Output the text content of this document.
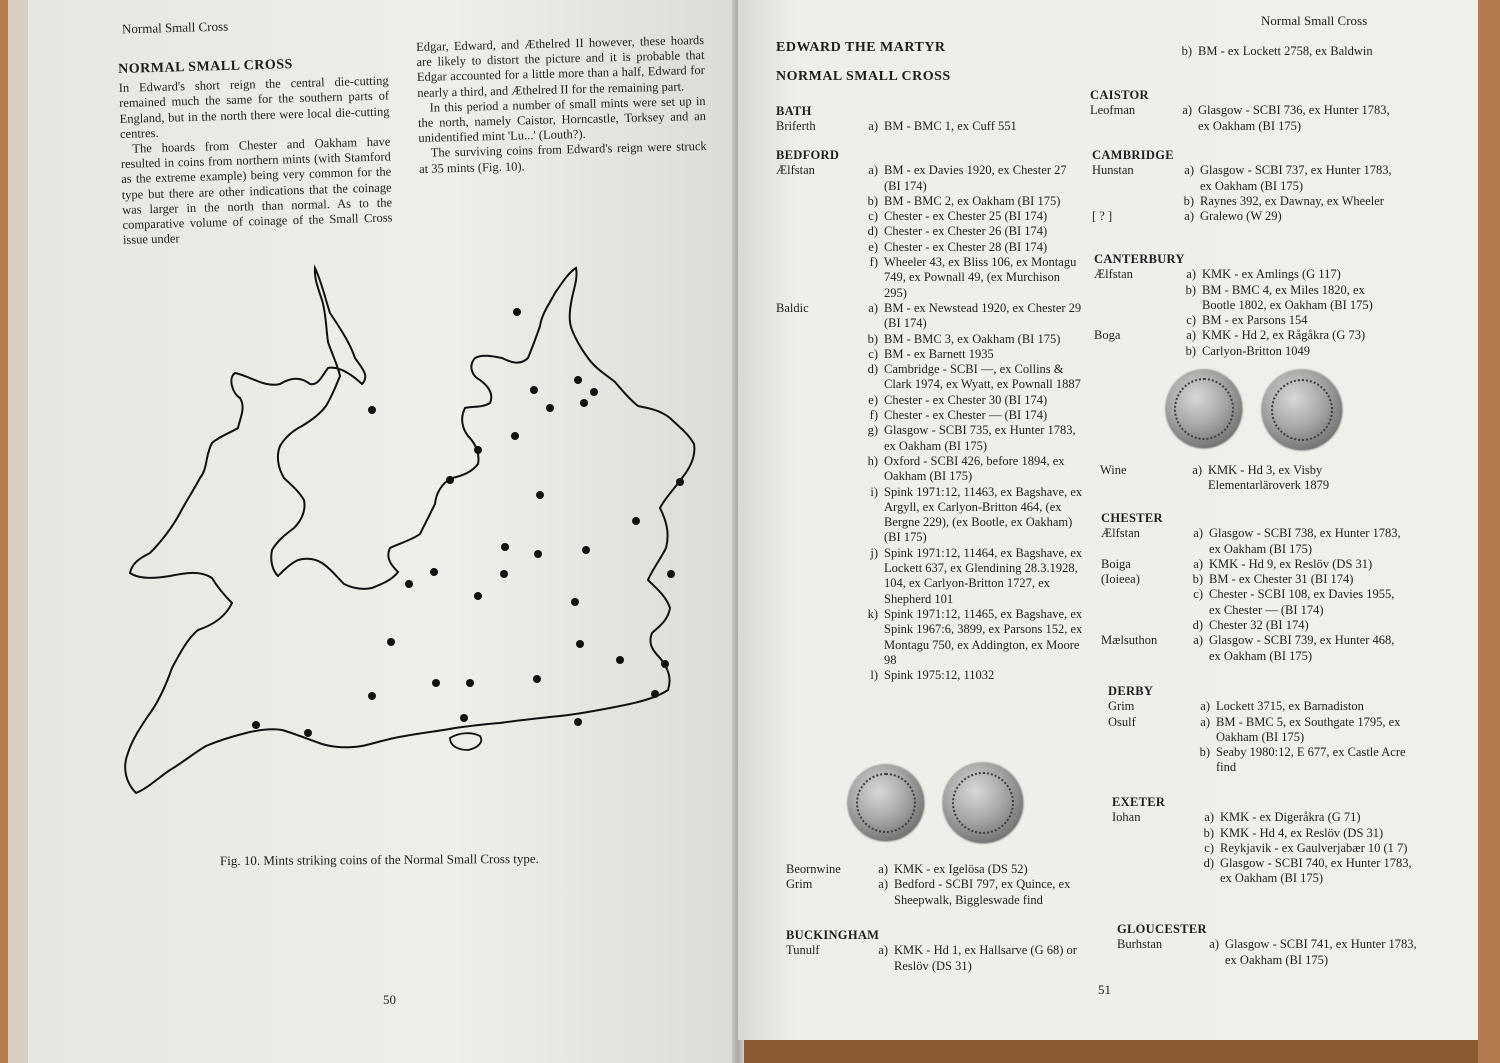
Normal Small Cross
NORMAL SMALL CROSS

In Edward's short reign the central die-cutting remained much the same for the southern parts of England, but in the north there were local die-cutting centres.

The hoards from Chester and Oakham have resulted in coins from northern mints (with Stamford as the extreme example) being very common for the type but there are other indications that the coinage was larger in the north than normal. As to the comparative volume of coinage of the Small Cross issue under

Edgar, Edward, and Æthelred II however, these hoards are likely to distort the picture and it is probable that Edgar accounted for a little more than a half, Edward for nearly a third, and Æthelred II for the remaining part.

In this period a number of small mints were set up in the north, namely Caistor, Horncastle, Torksey and an unidentified mint 'Lu...' (Louth?).

The surviving coins from Edward's reign were struck at 35 mints (Fig. 10).

Fig. 10. Mints striking coins of the Normal Small Cross type.
50
Normal Small Cross
EDWARD THE MARTYR
NORMAL SMALL CROSS
BATH
Briferth	a) BM - BMC 1, ex Cuff 551
BEDFORD
Ælfstan	a) BM - ex Davies 1920, ex Chester 27 (BI 174)
b) BM - BMC 2, ex Oakham (BI 175)
c) Chester - ex Chester 25 (BI 174)
d) Chester - ex Chester 26 (BI 174)
e) Chester - ex Chester 28 (BI 174)
f) Wheeler 43, ex Bliss 106, ex Montagu 749, ex Pownall 49, (ex Murchison 295)
Baldic	a) BM - ex Newstead 1920, ex Chester 29 (BI 174)
b) BM - BMC 3, ex Oakham (BI 175)
c) BM - ex Barnett 1935
d) Cambridge - SCBI —, ex Collins & Clark 1974, ex Wyatt, ex Pownall 1887
e) Chester - ex Chester 30 (BI 174)
f) Chester - ex Chester — (BI 174)
g) Glasgow - SCBI 735, ex Hunter 1783, ex Oakham (BI 175)
h) Oxford - SCBI 426, before 1894, ex Oakham (BI 175)
i) Spink 1971:12, 11463, ex Bagshave, ex Argyll, ex Carlyon-Britton 464, (ex Bergne 229), (ex Bootle, ex Oakham) (BI 175)
j) Spink 1971:12, 11464, ex Bagshave, ex Lockett 637, ex Glendining 28.3.1928, 104, ex Carlyon-Britton 1727, ex Shepherd 101
k) Spink 1971:12, 11465, ex Bagshave, ex Spink 1967:6, 3899, ex Parsons 152, ex Montagu 750, ex Addington, ex Moore 98
l) Spink 1975:12, 11032
Beornwine	a) KMK - ex Igelösa (DS 52)
Grim	a) Bedford - SCBI 797, ex Quince, ex Sheepwalk, Biggleswade find
BUCKINGHAM
Tunulf	a) KMK - Hd 1, ex Hallsarve (G 68) or Reslöv (DS 31)
b) BM - ex Lockett 2758, ex Baldwin
CAISTOR
Leofman	a) Glasgow - SCBI 736, ex Hunter 1783, ex Oakham (BI 175)
CAMBRIDGE
Hunstan	a) Glasgow - SCBI 737, ex Hunter 1783, ex Oakham (BI 175)
b) Raynes 392, ex Dawnay, ex Wheeler
[ ? ]	a) Gralewo (W 29)
CANTERBURY
Ælfstan	a) KMK - ex Amlings (G 117)
b) BM - BMC 4, ex Miles 1820, ex Bootle 1802, ex Oakham (BI 175)
c) BM - ex Parsons 154
Boga	a) KMK - Hd 2, ex Rågåkra (G 73)
b) Carlyon-Britton 1049
Wine	a) KMK - Hd 3, ex Visby Elementarläroverk 1879
CHESTER
Ælfstan	a) Glasgow - SCBI 738, ex Hunter 1783, ex Oakham (BI 175)
Boiga	a) KMK - Hd 9, ex Reslöv (DS 31)
(Ioieea)	b) BM - ex Chester 31 (BI 174)
c) Chester - SCBI 108, ex Davies 1955, ex Chester — (BI 174)
d) Chester 32 (BI 174)
Mælsuthon	a) Glasgow - SCBI 739, ex Hunter 468, ex Oakham (BI 175)
DERBY
Grim	a) Lockett 3715, ex Barnadiston
Osulf	a) BM - BMC 5, ex Southgate 1795, ex Oakham (BI 175)
b) Seaby 1980:12, E 677, ex Castle Acre find
EXETER
Iohan	a) KMK - ex Digeråkra (G 71)
b) KMK - Hd 4, ex Reslöv (DS 31)
c) Reykjavik - ex Gaulverjabær 10 (1 7)
d) Glasgow - SCBI 740, ex Hunter 1783, ex Oakham (BI 175)
GLOUCESTER
Burhstan	a) Glasgow - SCBI 741, ex Hunter 1783, ex Oakham (BI 175)
51
